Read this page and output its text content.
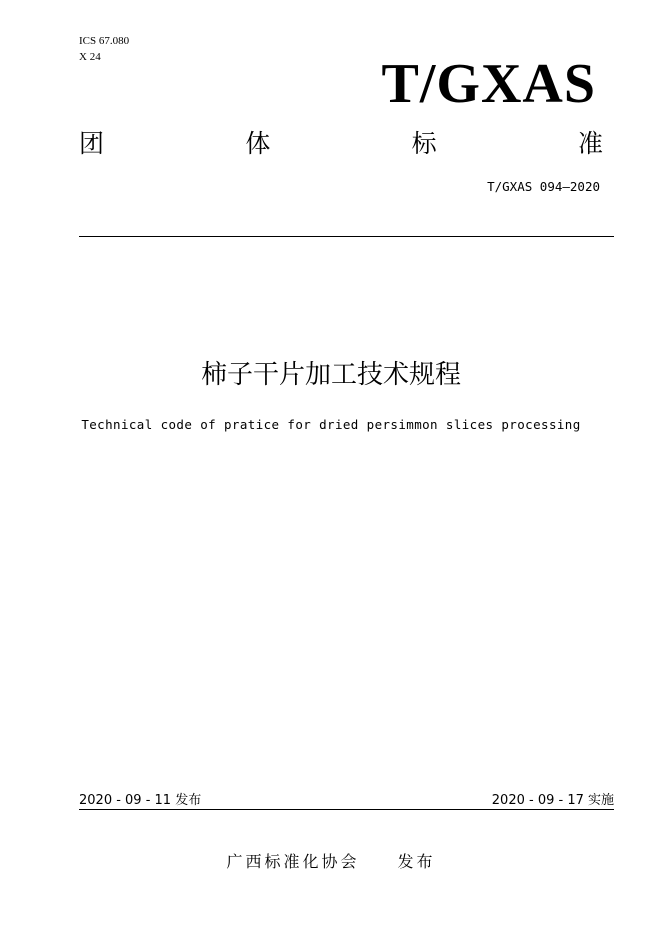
ICS 67.080
X 24	T/GXAS
团	体	标	准
T/GXAS 094—2020
柿子干片加工技术规程
Technical code of pratice for dried persimmon slices processing
2020 - 09 - 11 发布	2020 - 09 - 17 实施
广西标准化协会 发布
